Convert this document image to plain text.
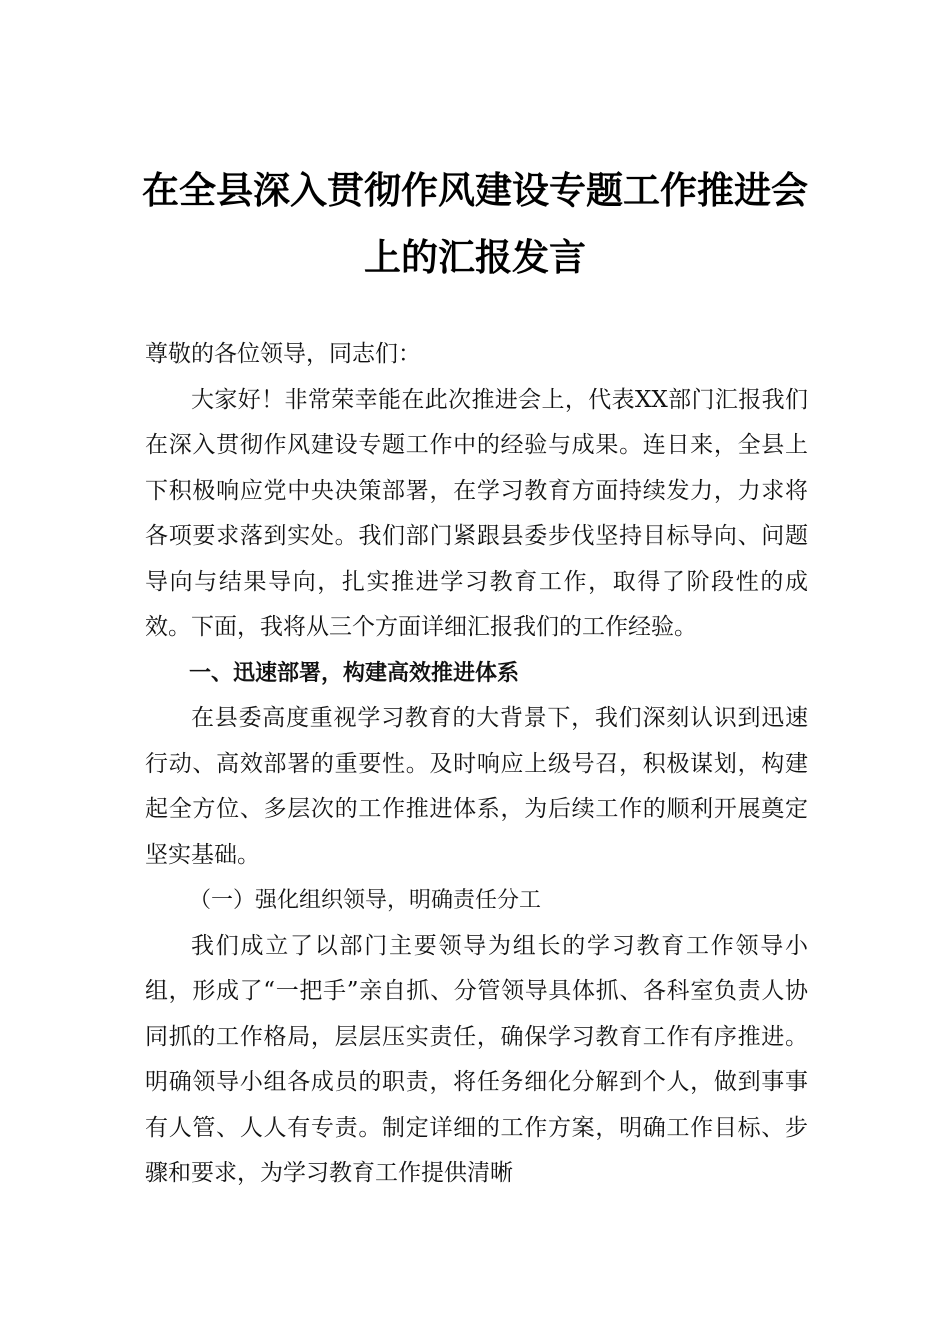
在全县深入贯彻作风建设专题工作推进会
上的汇报发言

尊敬的各位领导，同志们：

大家好！非常荣幸能在此次推进会上，代表XX部门汇报我们在深入贯彻作风建设专题工作中的经验与成果。连日来，全县上下积极响应党中央决策部署，在学习教育方面持续发力，力求将各项要求落到实处。我们部门紧跟县委步伐坚持目标导向、问题导向与结果导向，扎实推进学习教育工作，取得了阶段性的成效。下面，我将从三个方面详细汇报我们的工作经验。

一、迅速部署，构建高效推进体系

在县委高度重视学习教育的大背景下，我们深刻认识到迅速行动、高效部署的重要性。及时响应上级号召，积极谋划，构建起全方位、多层次的工作推进体系，为后续工作的顺利开展奠定坚实基础。

（一）强化组织领导，明确责任分工

我们成立了以部门主要领导为组长的学习教育工作领导小组，形成了“一把手”亲自抓、分管领导具体抓、各科室负责人协同抓的工作格局，层层压实责任，确保学习教育工作有序推进。明确领导小组各成员的职责，将任务细化分解到个人，做到事事有人管、人人有专责。制定详细的工作方案，明确工作目标、步骤和要求，为学习教育工作提供清晰
